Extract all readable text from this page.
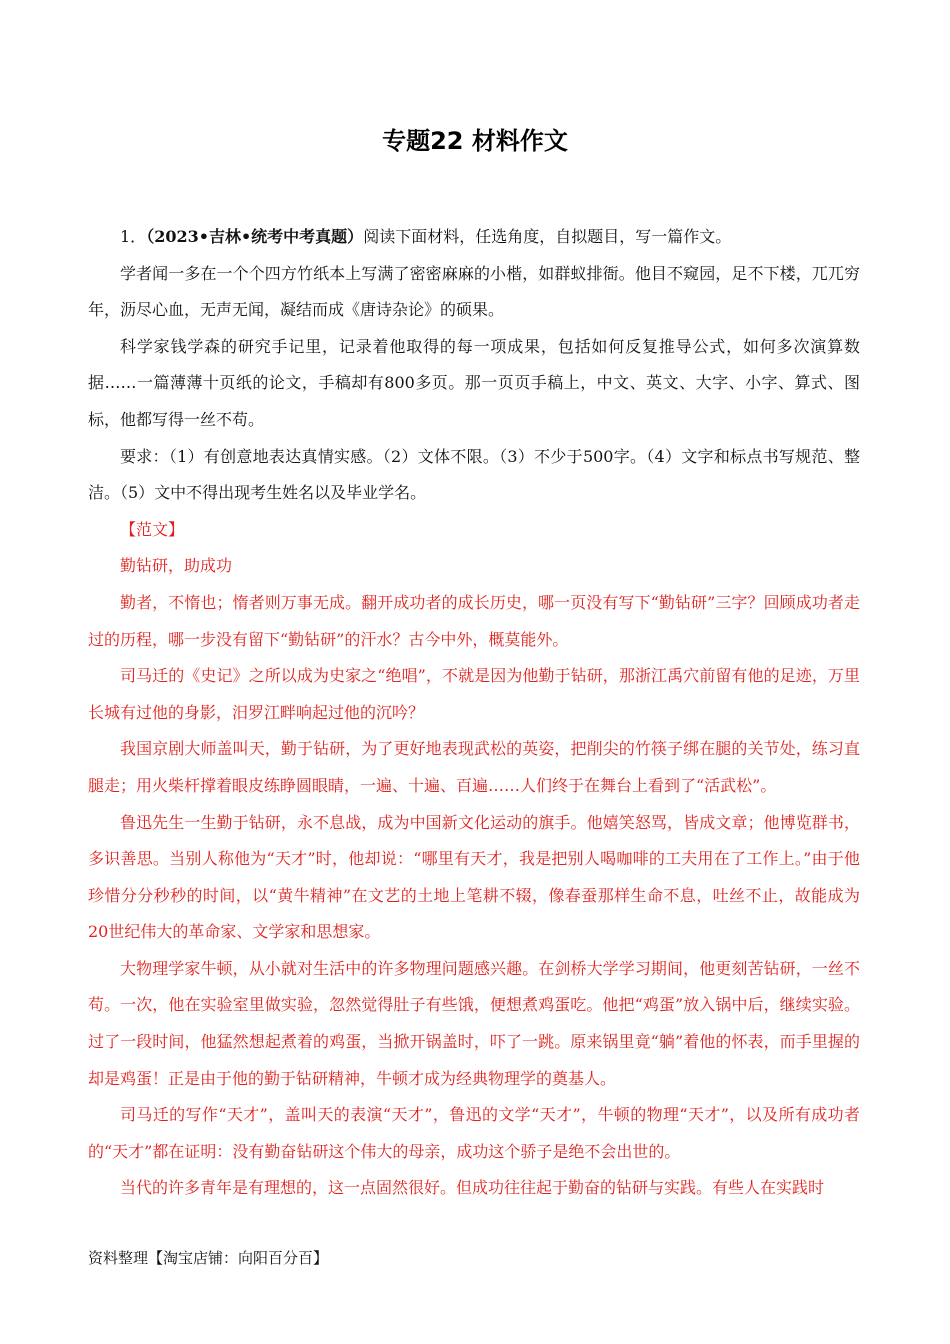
专题22 材料作文

1．（2023•吉林•统考中考真题）阅读下面材料，任选角度，自拟题目，写一篇作文。

学者闻一多在一个个四方竹纸本上写满了密密麻麻的小楷，如群蚁排衙。他目不窥园，足不下楼，兀兀穷年，沥尽心血，无声无闻，凝结而成《唐诗杂论》的硕果。

科学家钱学森的研究手记里，记录着他取得的每一项成果，包括如何反复推导公式，如何多次演算数据……一篇薄薄十页纸的论文，手稿却有800多页。那一页页手稿上，中文、英文、大字、小字、算式、图标，他都写得一丝不苟。

要求：（1）有创意地表达真情实感。（2）文体不限。（3）不少于500字。（4）文字和标点书写规范、整洁。（5）文中不得出现考生姓名以及毕业学名。

【范文】

勤钻研，助成功

勤者，不惰也；惰者则万事无成。翻开成功者的成长历史，哪一页没有写下“勤钻研”三字？回顾成功者走过的历程，哪一步没有留下“勤钻研”的汗水？古今中外，概莫能外。

司马迁的《史记》之所以成为史家之“绝唱”，不就是因为他勤于钻研，那浙江禹穴前留有他的足迹，万里长城有过他的身影，汨罗江畔响起过他的沉吟？

我国京剧大师盖叫天，勤于钻研，为了更好地表现武松的英姿，把削尖的竹筷子绑在腿的关节处，练习直腿走；用火柴杆撑着眼皮练睁圆眼睛，一遍、十遍、百遍……人们终于在舞台上看到了“活武松”。

鲁迅先生一生勤于钻研，永不息战，成为中国新文化运动的旗手。他嬉笑怒骂，皆成文章；他博览群书，多识善思。当别人称他为“天才”时，他却说：“哪里有天才，我是把别人喝咖啡的工夫用在了工作上。”由于他珍惜分分秒秒的时间，以“黄牛精神”在文艺的土地上笔耕不辍，像春蚕那样生命不息，吐丝不止，故能成为20世纪伟大的革命家、文学家和思想家。

大物理学家牛顿，从小就对生活中的许多物理问题感兴趣。在剑桥大学学习期间，他更刻苦钻研，一丝不苟。一次，他在实验室里做实验，忽然觉得肚子有些饿，便想煮鸡蛋吃。他把“鸡蛋”放入锅中后，继续实验。过了一段时间，他猛然想起煮着的鸡蛋，当掀开锅盖时，吓了一跳。原来锅里竟“躺”着他的怀表，而手里握的却是鸡蛋！正是由于他的勤于钻研精神，牛顿才成为经典物理学的奠基人。

司马迁的写作“天才”，盖叫天的表演“天才”，鲁迅的文学“天才”，牛顿的物理“天才”，以及所有成功者的“天才”都在证明：没有勤奋钻研这个伟大的母亲，成功这个骄子是绝不会出世的。

当代的许多青年是有理想的，这一点固然很好。但成功往往起于勤奋的钻研与实践。有些人在实践时

资料整理【淘宝店铺：向阳百分百】
